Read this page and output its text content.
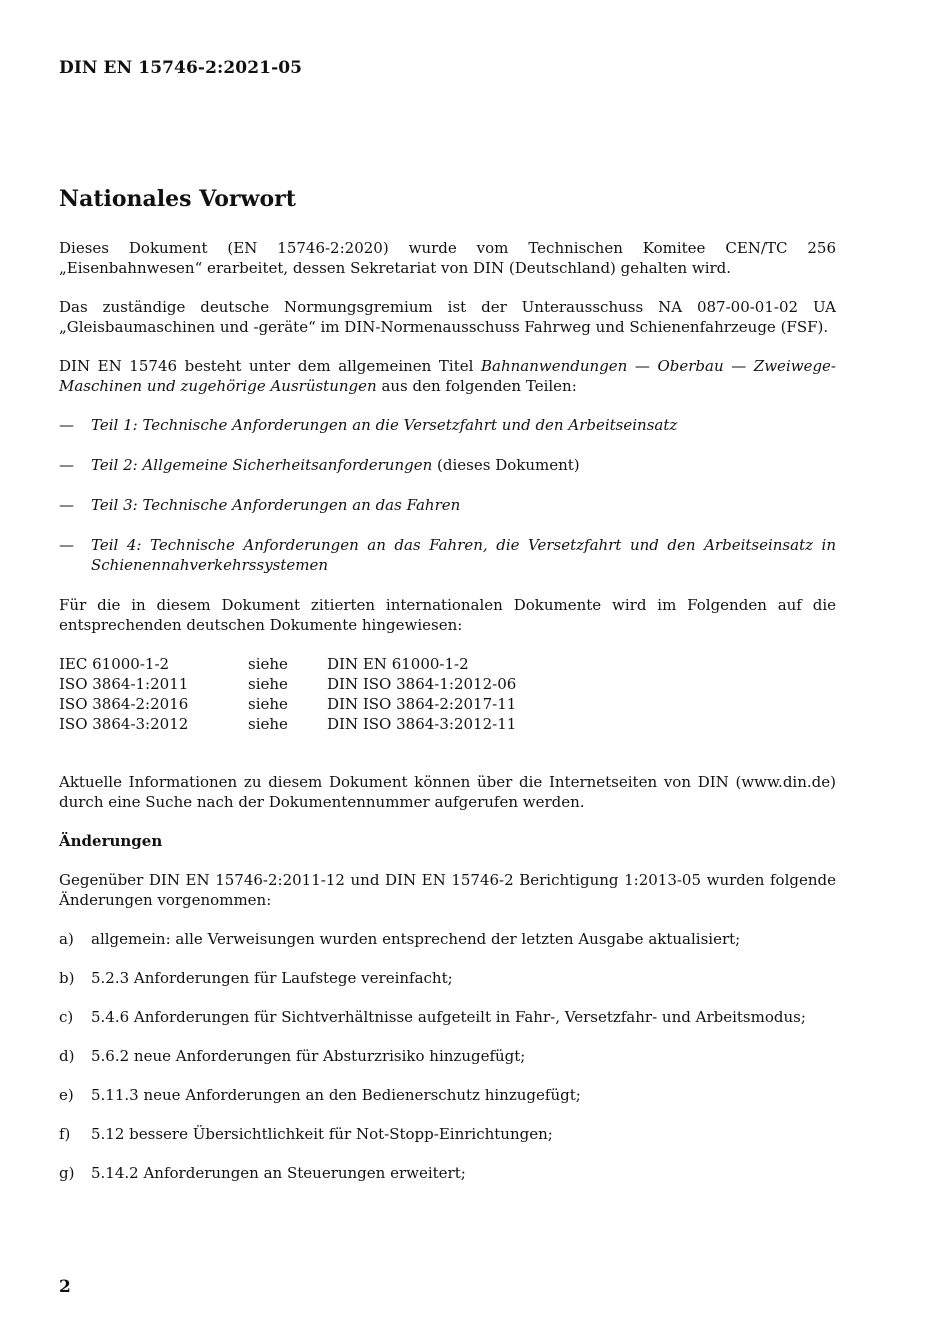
DIN EN 15746-2:2021-05
Nationales Vorwort

Dieses Dokument (EN 15746-2:2020) wurde vom Technischen Komitee CEN/TC 256 „Eisenbahnwesen“ erarbeitet, dessen Sekretariat von DIN (Deutschland) gehalten wird.

Das zuständige deutsche Normungsgremium ist der Unterausschuss NA 087-00-01-02 UA
„Gleisbaumaschinen und -geräte“ im DIN-Normenausschuss Fahrweg und Schienenfahrzeuge (FSF).

DIN EN 15746 besteht unter dem allgemeinen Titel Bahnanwendungen — Oberbau — Zweiwege-Maschinen und zugehörige Ausrüstungen aus den folgenden Teilen:

— Teil 1: Technische Anforderungen an die Versetzfahrt und den Arbeitseinsatz
— Teil 2: Allgemeine Sicherheitsanforderungen (dieses Dokument)
— Teil 3: Technische Anforderungen an das Fahren
— Teil 4: Technische Anforderungen an das Fahren, die Versetzfahrt und den Arbeitseinsatz in Schienennahverkehrssystemen

Für die in diesem Dokument zitierten internationalen Dokumente wird im Folgenden auf die entsprechenden deutschen Dokumente hingewiesen:

IEC 61000-1-2	siehe	DIN EN 61000-1-2
ISO 3864-1:2011	siehe	DIN ISO 3864-1:2012-06
ISO 3864-2:2016	siehe	DIN ISO 3864-2:2017-11
ISO 3864-3:2012	siehe	DIN ISO 3864-3:2012-11

Aktuelle Informationen zu diesem Dokument können über die Internetseiten von DIN (www.din.de) durch eine Suche nach der Dokumentennummer aufgerufen werden.

Änderungen

Gegenüber DIN EN 15746-2:2011-12 und DIN EN 15746-2 Berichtigung 1:2013-05 wurden folgende
Änderungen vorgenommen:

a) allgemein: alle Verweisungen wurden entsprechend der letzten Ausgabe aktualisiert;
b) 5.2.3 Anforderungen für Laufstege vereinfacht;
c) 5.4.6 Anforderungen für Sichtverhältnisse aufgeteilt in Fahr-, Versetzfahr- und Arbeitsmodus;
d) 5.6.2 neue Anforderungen für Absturzrisiko hinzugefügt;
e) 5.11.3 neue Anforderungen an den Bedienerschutz hinzugefügt;
f) 5.12 bessere Übersichtlichkeit für Not-Stopp-Einrichtungen;
g) 5.14.2 Anforderungen an Steuerungen erweitert;
2
